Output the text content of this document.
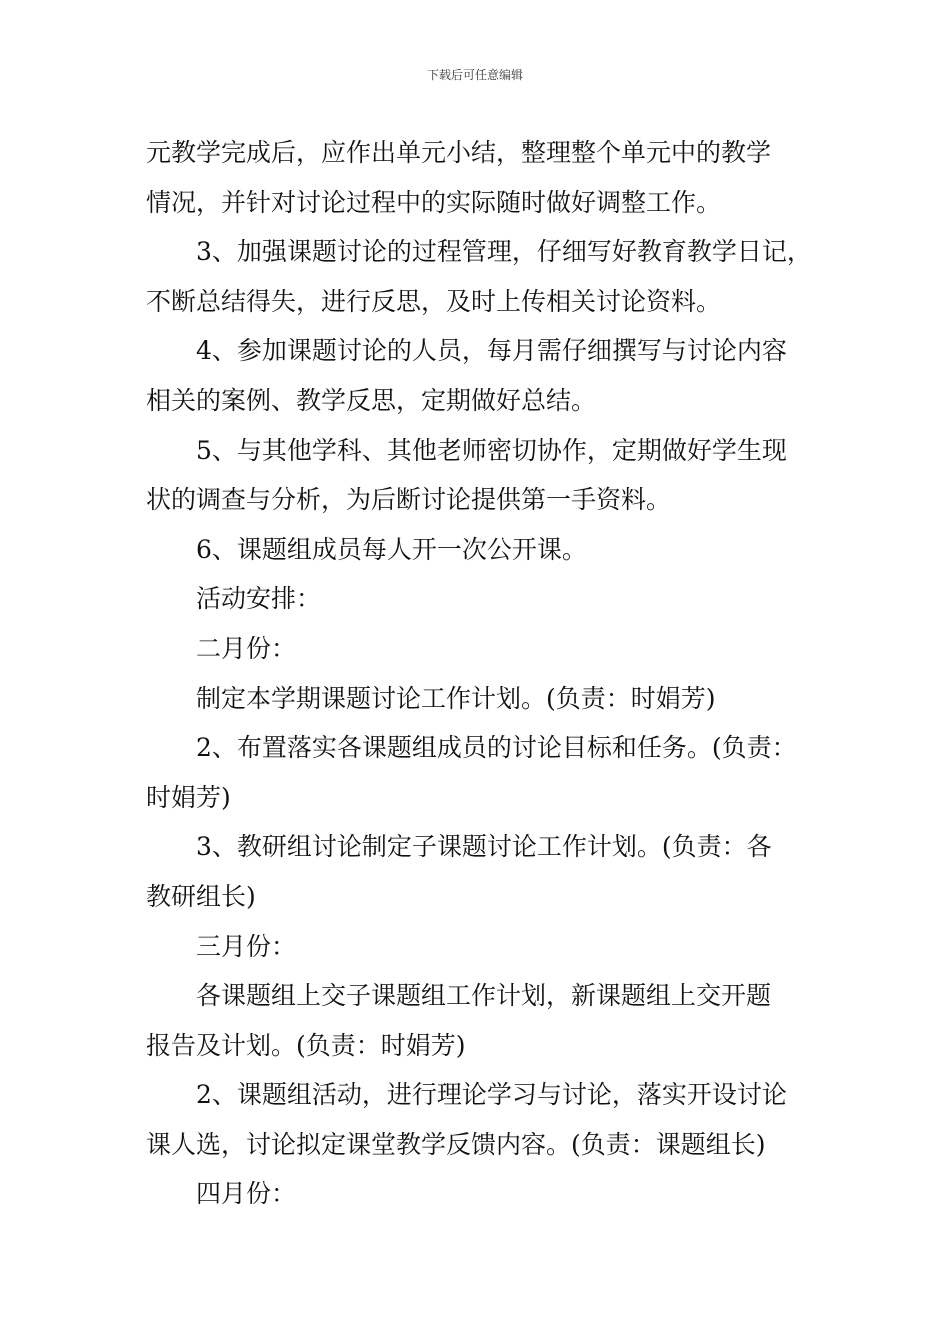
下载后可任意编辑

元教学完成后，应作出单元小结，整理整个单元中的教学

情况，并针对讨论过程中的实际随时做好调整工作。

3、加强课题讨论的过程管理，仔细写好教育教学日记，

不断总结得失，进行反思，及时上传相关讨论资料。

4、参加课题讨论的人员，每月需仔细撰写与讨论内容

相关的案例、教学反思，定期做好总结。

5、与其他学科、其他老师密切协作，定期做好学生现

状的调查与分析，为后断讨论提供第一手资料。

6、课题组成员每人开一次公开课。

活动安排：

二月份：

制定本学期课题讨论工作计划。(负责：时娟芳)

2、布置落实各课题组成员的讨论目标和任务。(负责：

时娟芳)

3、教研组讨论制定子课题讨论工作计划。(负责：各

教研组长)

三月份：

各课题组上交子课题组工作计划，新课题组上交开题

报告及计划。(负责：时娟芳)

2、课题组活动，进行理论学习与讨论，落实开设讨论

课人选，讨论拟定课堂教学反馈内容。(负责：课题组长)

四月份：
